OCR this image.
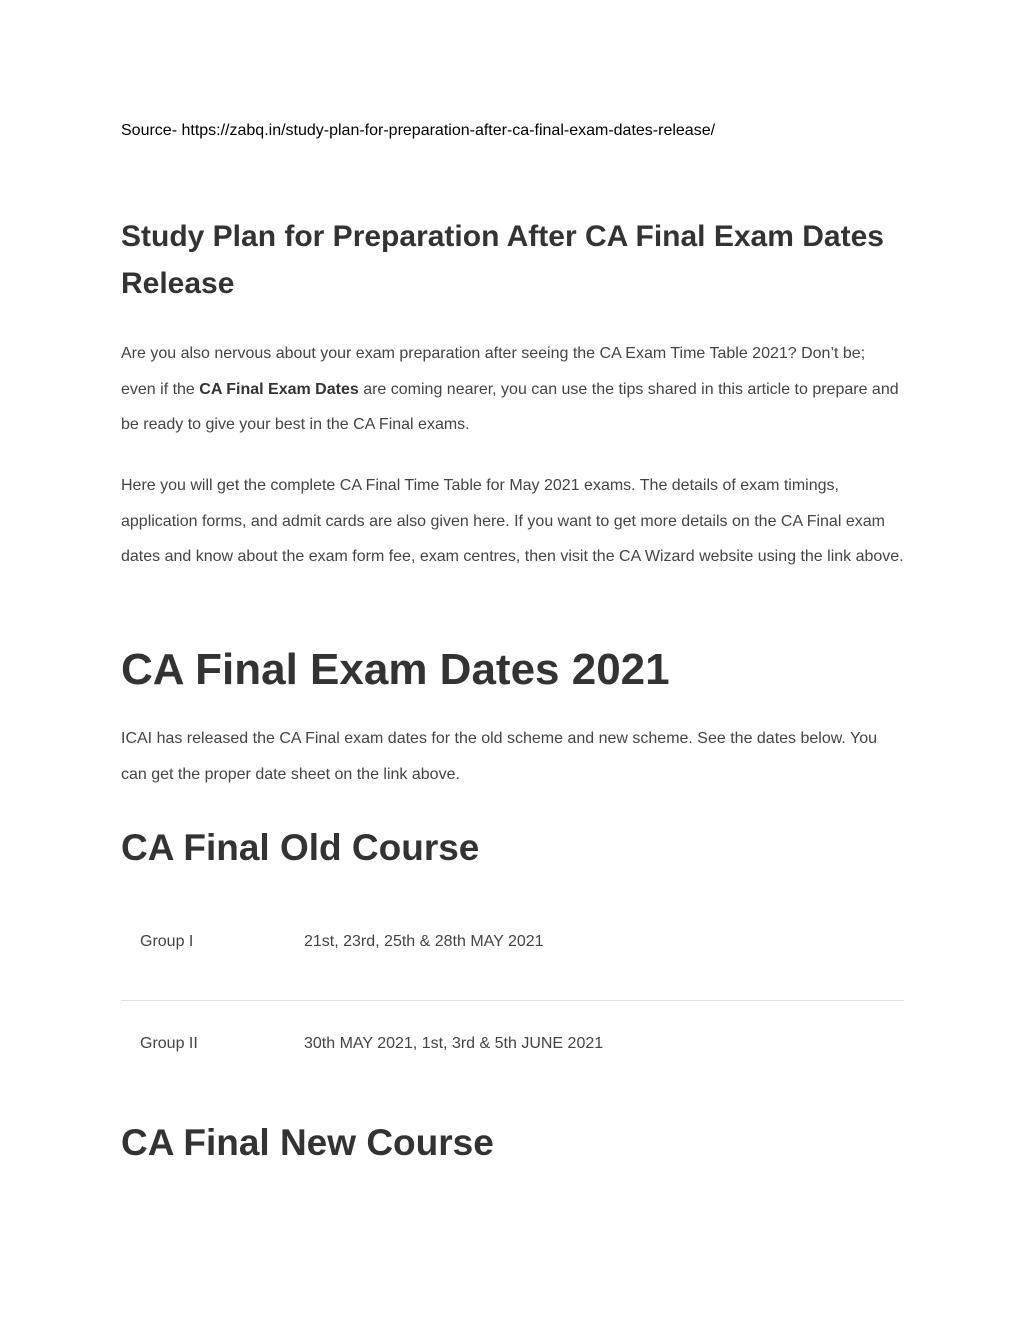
Source- https://zabq.in/study-plan-for-preparation-after-ca-final-exam-dates-release/
Study Plan for Preparation After CA Final Exam Dates Release

Are you also nervous about your exam preparation after seeing the CA Exam Time Table 2021? Don’t be; even if the CA Final Exam Dates are coming nearer, you can use the tips shared in this article to prepare and be ready to give your best in the CA Final exams.

Here you will get the complete CA Final Time Table for May 2021 exams. The details of exam timings, application forms, and admit cards are also given here. If you want to get more details on the CA Final exam dates and know about the exam form fee, exam centres, then visit the CA Wizard website using the link above.

CA Final Exam Dates 2021

ICAI has released the CA Final exam dates for the old scheme and new scheme. See the dates below. You can get the proper date sheet on the link above.

CA Final Old Course
Group I	21st, 23rd, 25th & 28th MAY 2021
Group II	30th MAY 2021, 1st, 3rd & 5th JUNE 2021
CA Final New Course
